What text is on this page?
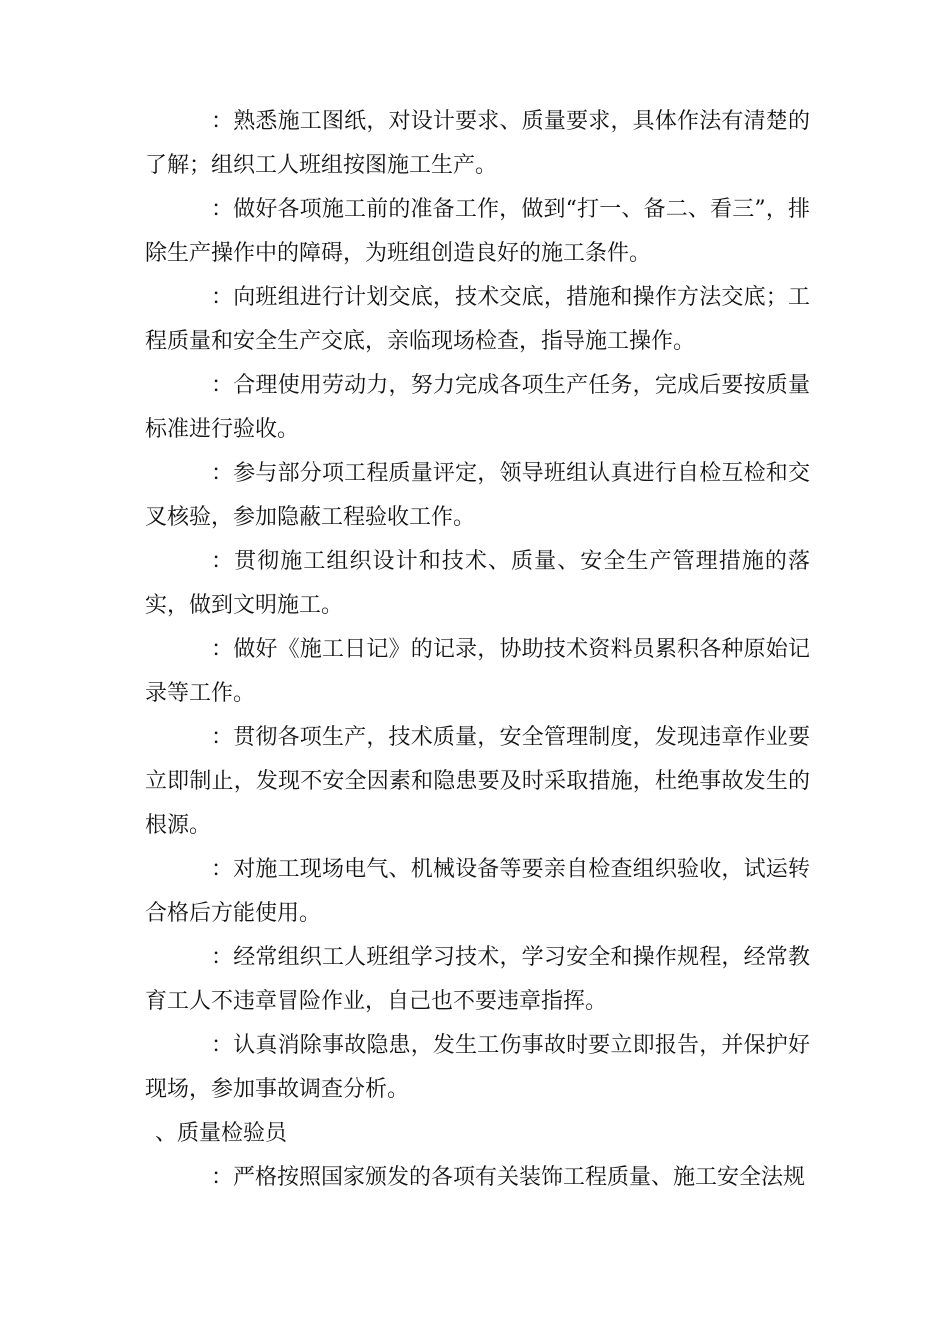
：熟悉施工图纸，对设计要求、质量要求，具体作法有清楚的了解；组织工人班组按图施工生产。

：做好各项施工前的准备工作，做到“打一、备二、看三”，排除生产操作中的障碍，为班组创造良好的施工条件。

：向班组进行计划交底，技术交底，措施和操作方法交底；工程质量和安全生产交底，亲临现场检查，指导施工操作。

：合理使用劳动力，努力完成各项生产任务，完成后要按质量标准进行验收。

：参与部分项工程质量评定，领导班组认真进行自检互检和交叉核验，参加隐蔽工程验收工作。

：贯彻施工组织设计和技术、质量、安全生产管理措施的落实，做到文明施工。

：做好《施工日记》的记录，协助技术资料员累积各种原始记录等工作。

：贯彻各项生产，技术质量，安全管理制度，发现违章作业要立即制止，发现不安全因素和隐患要及时采取措施，杜绝事故发生的根源。

：对施工现场电气、机械设备等要亲自检查组织验收，试运转合格后方能使用。

：经常组织工人班组学习技术，学习安全和操作规程，经常教育工人不违章冒险作业，自己也不要违章指挥。

：认真消除事故隐患，发生工伤事故时要立即报告，并保护好现场，参加事故调查分析。

、质量检验员

：严格按照国家颁发的各项有关装饰工程质量、施工安全法规
